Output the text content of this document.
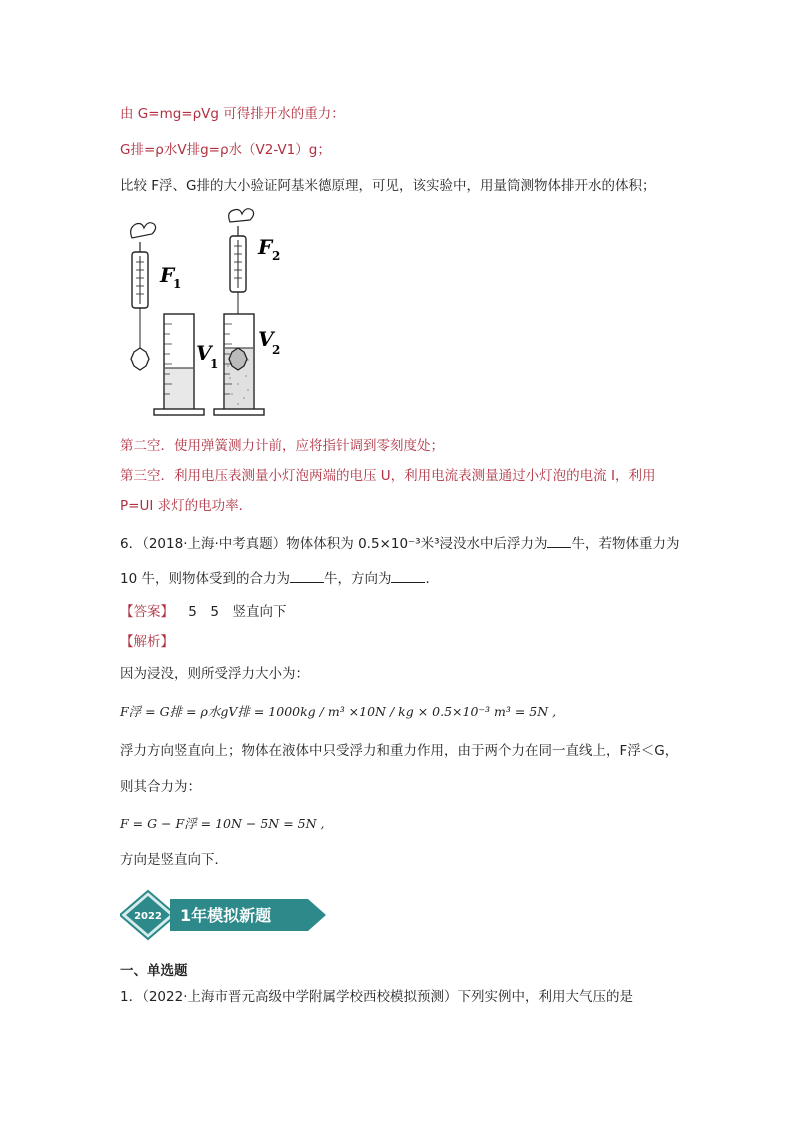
由 G=mg=ρVg 可得排开水的重力：
G排=ρ水V排g=ρ水（V2-V1）g；
比较 F浮、G排的大小验证阿基米德原理，可见，该实验中，用量筒测物体排开水的体积；
F
1
V
1
F 2
V
2
第二空．使用弹簧测力计前，应将指针调到零刻度处；
第三空．利用电压表测量小灯泡两端的电压 U，利用电流表测量通过小灯泡的电流 I，利用
P=UI 求灯的电功率．
6．（2018·上海·中考真题）物体体积为 0.5×10⁻³米³浸没水中后浮力为 牛，若物体重力为
10 牛，则物体受到的合力为	牛，方向为	．
【答案】 5　5　竖直向下
【解析】
因为浸没，则所受浮力大小为：
F浮 = G排 = ρ水gV排 = 1000kg / m³ ×10N / kg × 0.5×10⁻³ m³ = 5N ,
浮力方向竖直向上；物体在液体中只受浮力和重力作用，由于两个力在同一直线上，F浮＜G，
则其合力为：
F = G − F浮 = 10N − 5N = 5N ,
方向是竖直向下．
2022 1年模拟新题
一、单选题
1．（2022·上海市晋元高级中学附属学校西校模拟预测）下列实例中，利用大气压的是
